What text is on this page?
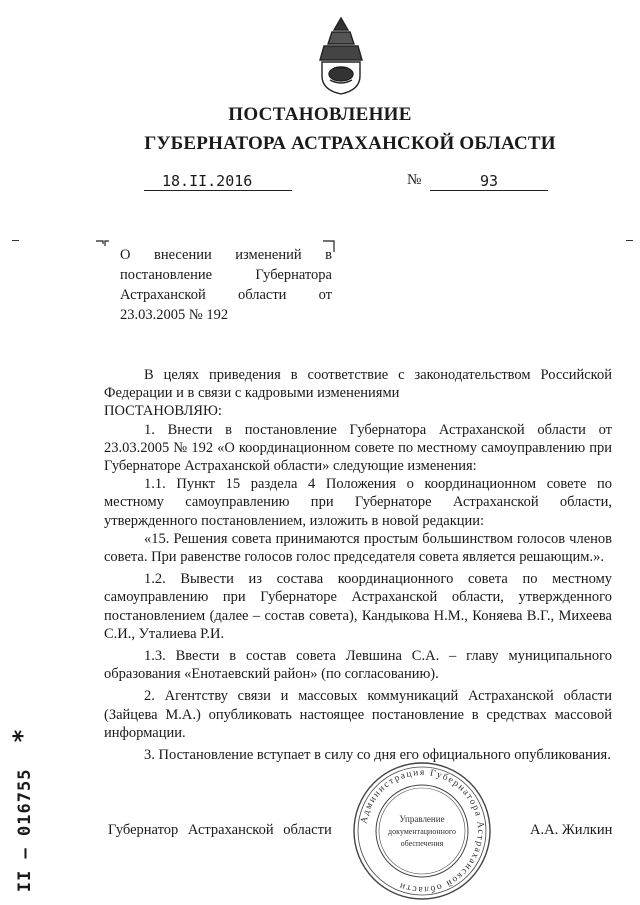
ПОСТАНОВЛЕНИЕ
ГУБЕРНАТОРА АСТРАХАНСКОЙ ОБЛАСТИ
18.II.2016	№	93
О внесении изменений в постановление Губернатора Астраханской области от 23.03.2005 № 192

В целях приведения в соответствие с законодательством Российской Федерации и в связи с кадровыми изменениями

ПОСТАНОВЛЯЮ:

1. Внести в постановление Губернатора Астраханской области от 23.03.2005 № 192 «О координационном совете по местному самоуправлению при Губернаторе Астраханской области» следующие изменения:

1.1. Пункт 15 раздела 4 Положения о координационном совете по местному самоуправлению при Губернаторе Астраханской области, утвержденного постановлением, изложить в новой редакции:

«15. Решения совета принимаются простым большинством голосов членов совета. При равенстве голосов голос председателя совета является решающим.».

1.2. Вывести из состава координационного совета по местному самоуправлению при Губернаторе Астраханской области, утвержденного постановлением (далее – состав совета), Кандыкова Н.М., Коняева В.Г., Михеева С.И., Уталиева Р.И.

1.3. Ввести в состав совета Левшина С.А. – главу муниципального образования «Енотаевский район» (по согласованию).

2. Агентству связи и массовых коммуникаций Астраханской области (Зайцева М.А.) опубликовать настоящее постановление в средствах массовой информации.

3. Постановление вступает в силу со дня его официального опубликования.

II – 016755 *
Губернатор Астраханской области	А.А. Жилкин
Администрация Губернатора Астраханской области
Управление
документационного
обеспечения
